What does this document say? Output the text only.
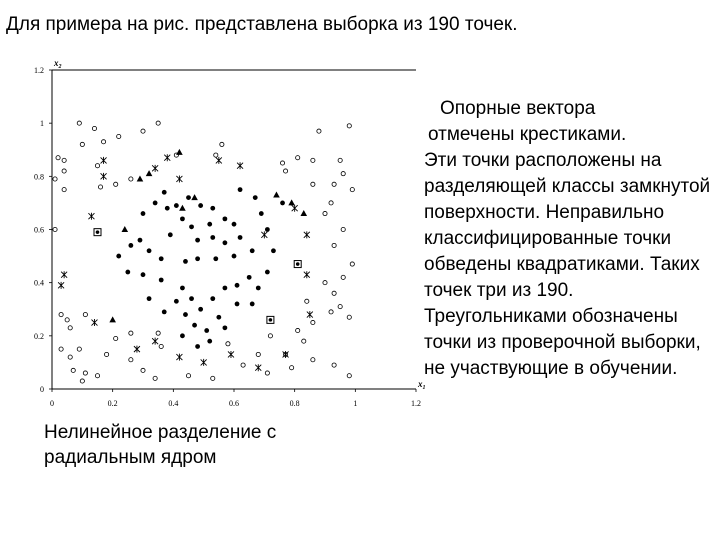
Для примера на рис. представлена выборка из 190 точек.
0	0.2	0.4	0.6	0.8	1	1.2
0
0.2
0.4
0.6
0.8
1
1.2
$x_2$
$x_1$
Нелинейное разделение с
радиальным ядром
Опорные вектора
отмечены крестиками.
Эти точки расположены на разделяющей классы замкнутой поверхности. Неправильно классифицированные точки обведены квадратиками. Таких точек три из 190. Треугольниками обозначены точки из проверочной выборки, не участвующие в обучении.
